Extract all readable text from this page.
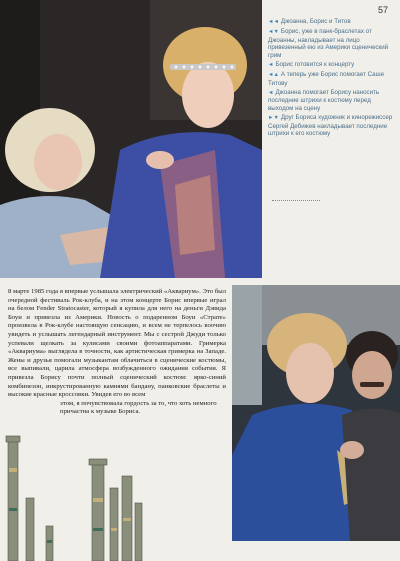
57
◄◄ Джоанна, Борис и Титов
◄▼ Борис, уже в панк-браслетах от Джоанны, накладывает на лицо привезенный ею из Америки сценический грим
◄ Борис готовится к концерту
◄▲ А теперь уже Борис помогает Саше Титову
◄ Джоанна помогает Борису наносить последние штрихи к костюму перед выходом на сцену
►▼ Друг Бориса художник и кинорежиссер Сергей Дебижев накладывает последние штрихи к его костюму
8 марте 1985 года я впервые услышала электрический «Аквариум». Это был очередной фестиваль Рок-клуба, и на этом концерте Борис впервые играл на белом Fender Stratocaster, который я купила для него на деньги Дэвида Боуи и привезла из Америки. Новость о подаренном Боуи «Страте» произвела в Рок-клубе настоящую сенсацию, и всем не терпелось воочию увидеть и услышать легендарный инструмент. Мы с сестрой Джуди только успевали щелкать за кулисами своими фотоаппаратами. Гримерка «Аквариума» выглядела в точности, как артистическая гримерка на Западе. Жены и друзья помогали музыкантам облачиться в сценические костюмы, все выпивали, царила атмосфера возбужденного ожидания события. Я привезла Борису почти полный сценический костюм: ярко-синий комбинезон, инкрустированную камнями бандану, панковские браслеты и высокие красные кроссовки. Увидев его во всем
этом, я почувствовала гордость за то, что хоть немного причастна к музыке Бориса.
